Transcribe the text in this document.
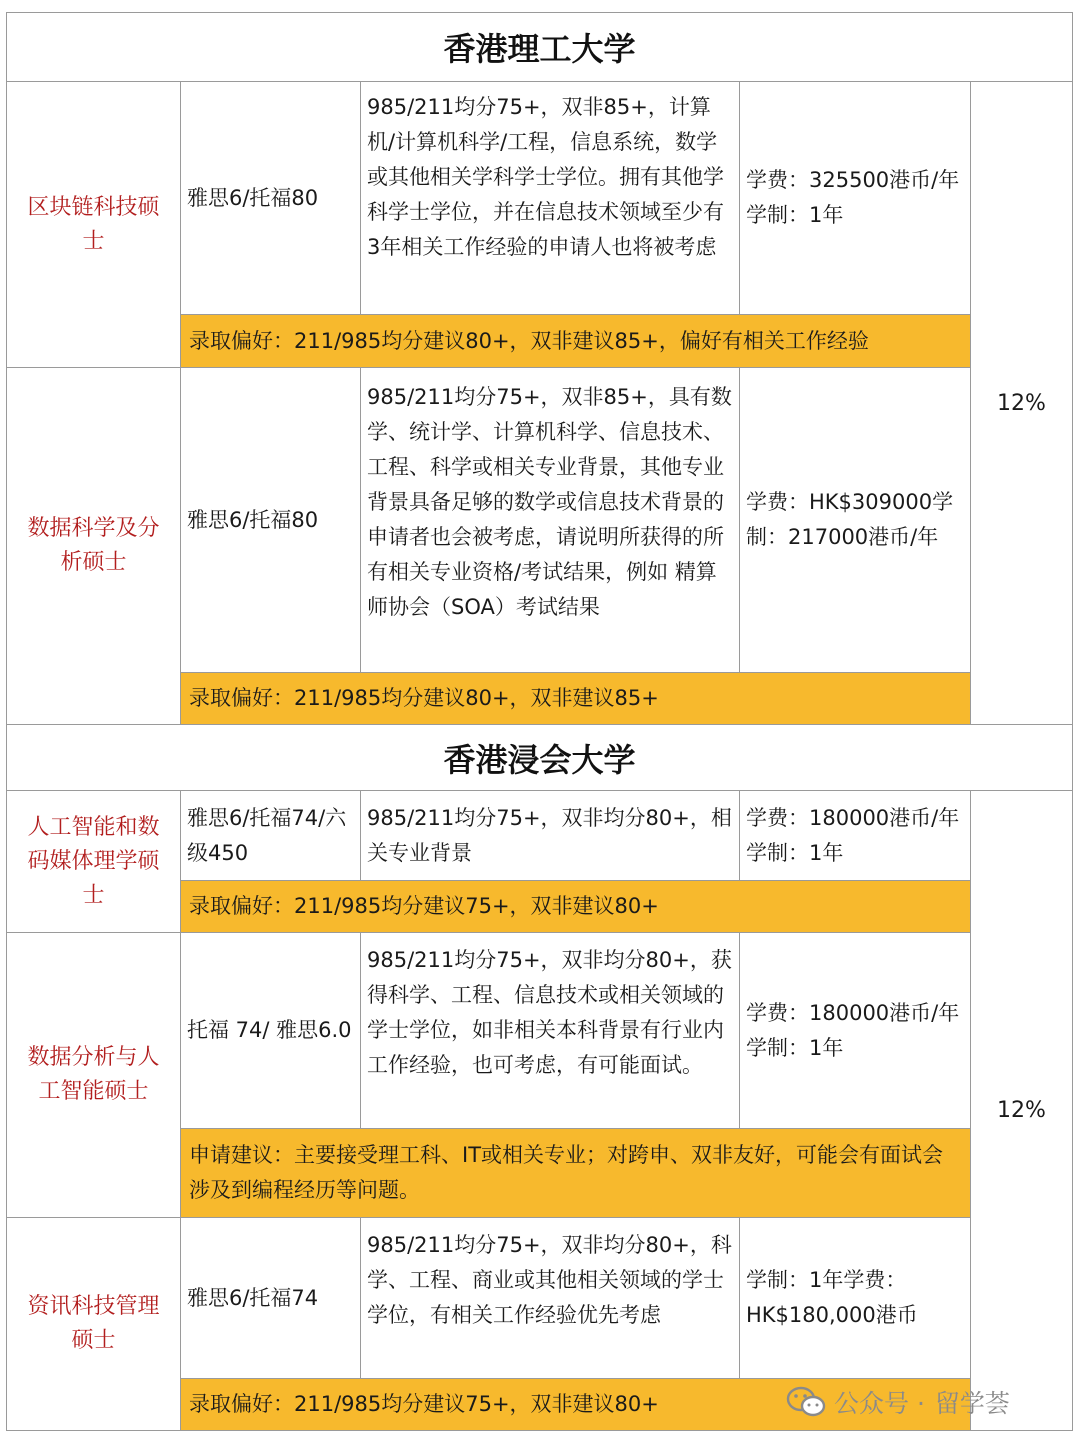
香港理工大学
区块链科技硕士
雅思6/托福80
985/211均分75+，双非85+，计算机/计算机科学/工程，信息系统，数学或其他相关学科学士学位。拥有其他学科学士学位，并在信息技术领域至少有3年相关工作经验的申请人也将被考虑
学费：325500港币/年学制：1年
录取偏好：211/985均分建议80+，双非建议85+，偏好有相关工作经验
数据科学及分析硕士
雅思6/托福80
985/211均分75+，双非85+，具有数学、统计学、计算机科学、信息技术、工程、科学或相关专业背景，其他专业背景具备足够的数学或信息技术背景的申请者也会被考虑，请说明所获得的所有相关专业资格/考试结果，例如 精算师协会（SOA）考试结果
学费：HK$309000学制：217000港币/年
录取偏好：211/985均分建议80+，双非建议85+
12%
香港浸会大学
人工智能和数码媒体理学硕士
雅思6/托福74/六级450
985/211均分75+，双非均分80+，相关专业背景
学费：180000港币/年学制：1年
录取偏好：211/985均分建议75+，双非建议80+
数据分析与人工智能硕士
托福 74/ 雅思6.0
985/211均分75+，双非均分80+，获得科学、工程、信息技术或相关领域的学士学位，如非相关本科背景有行业内工作经验，也可考虑，有可能面试。
学费：180000港币/年学制：1年
申请建议：主要接受理工科、IT或相关专业；对跨申、双非友好，可能会有面试会涉及到编程经历等问题。
资讯科技管理硕士
雅思6/托福74
985/211均分75+，双非均分80+，科学、工程、商业或其他相关领域的学士学位，有相关工作经验优先考虑
学制：1年学费：HK$180,000港币
录取偏好：211/985均分建议75+，双非建议80+
12%
公众号 · 留学荟
